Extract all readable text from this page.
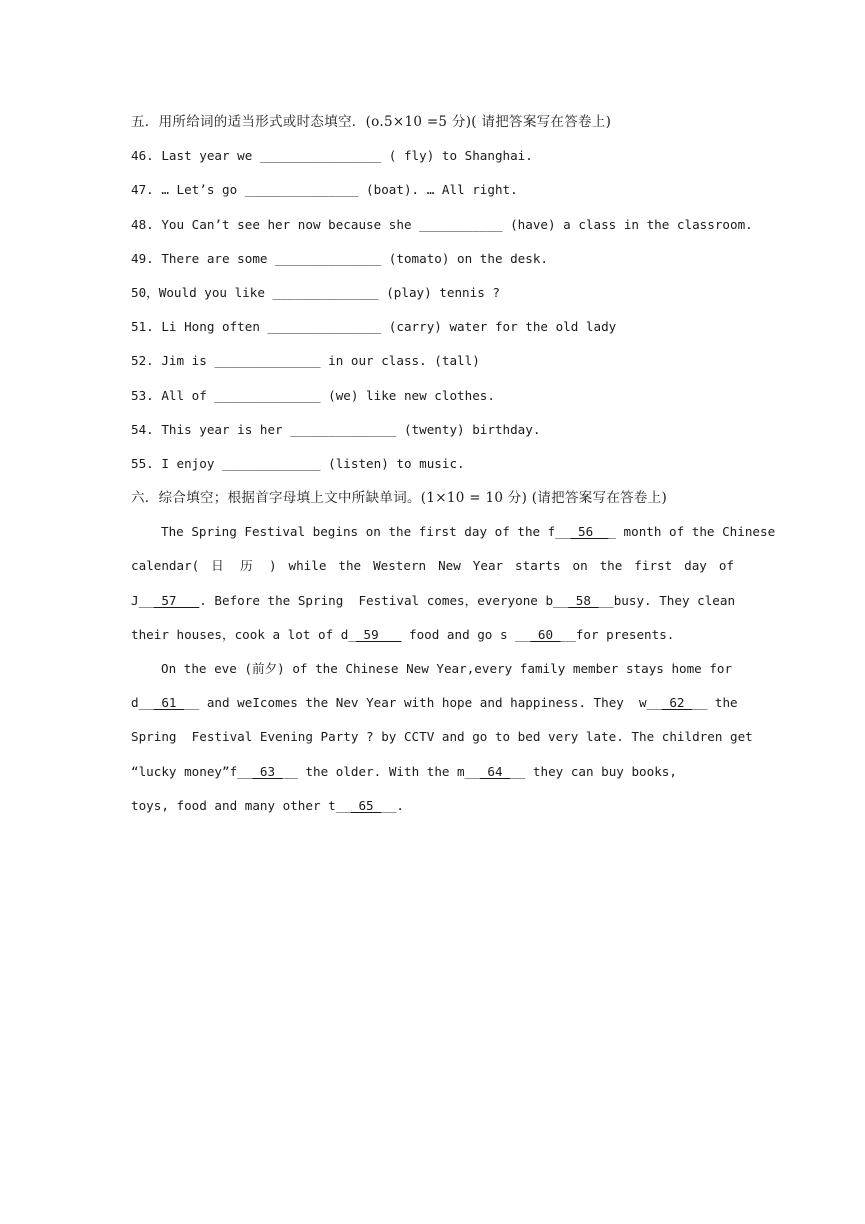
五．用所给词的适当形式或时态填空．(o.5×10 =5 分)( 请把答案写在答卷上)
46. Last year we ________________ ( fly) to Shanghai.
47. … Let’s go _______________ (boat). … All right.
48. You Can’t see her now because she ___________ (have) a class in the classroom.
49. There are some ______________ (tomato) on the desk.
50，Would you like ______________ (play) tennis ?
51. Li Hong often _______________ (carry) water for the old lady
52. Jim is ______________ in our class. (tall)
53. All of ______________ (we) like new clothes.
54. This year is her ______________ (twenty) birthday.
55. I enjoy _____________ (listen) to music.
六．综合填空；根据首字母填上文中所缺单词。(1×10 = 10 分) (请把答案写在答卷上)
The Spring Festival begins on the first day of the f___56___ month of the Chinese
calendar( 日 历 ) while the Western New Year starts on the first day of
J___57___. Before the Spring  Festival comes，everyone b___58___busy. They clean
their houses，cook a lot of d__59___ food and go s ___60___for presents.
On the eve (前夕) of the Chinese New Year,every family member stays home for
d___61___ and weIcomes the Nev Year with hope and happiness. They  w___62___ the
Spring  Festival Evening Party ? by CCTV and go to bed very late. The children get
“lucky money”f___63___ the older. With the m___64___ they can buy books,
toys, food and many other t___65___.
